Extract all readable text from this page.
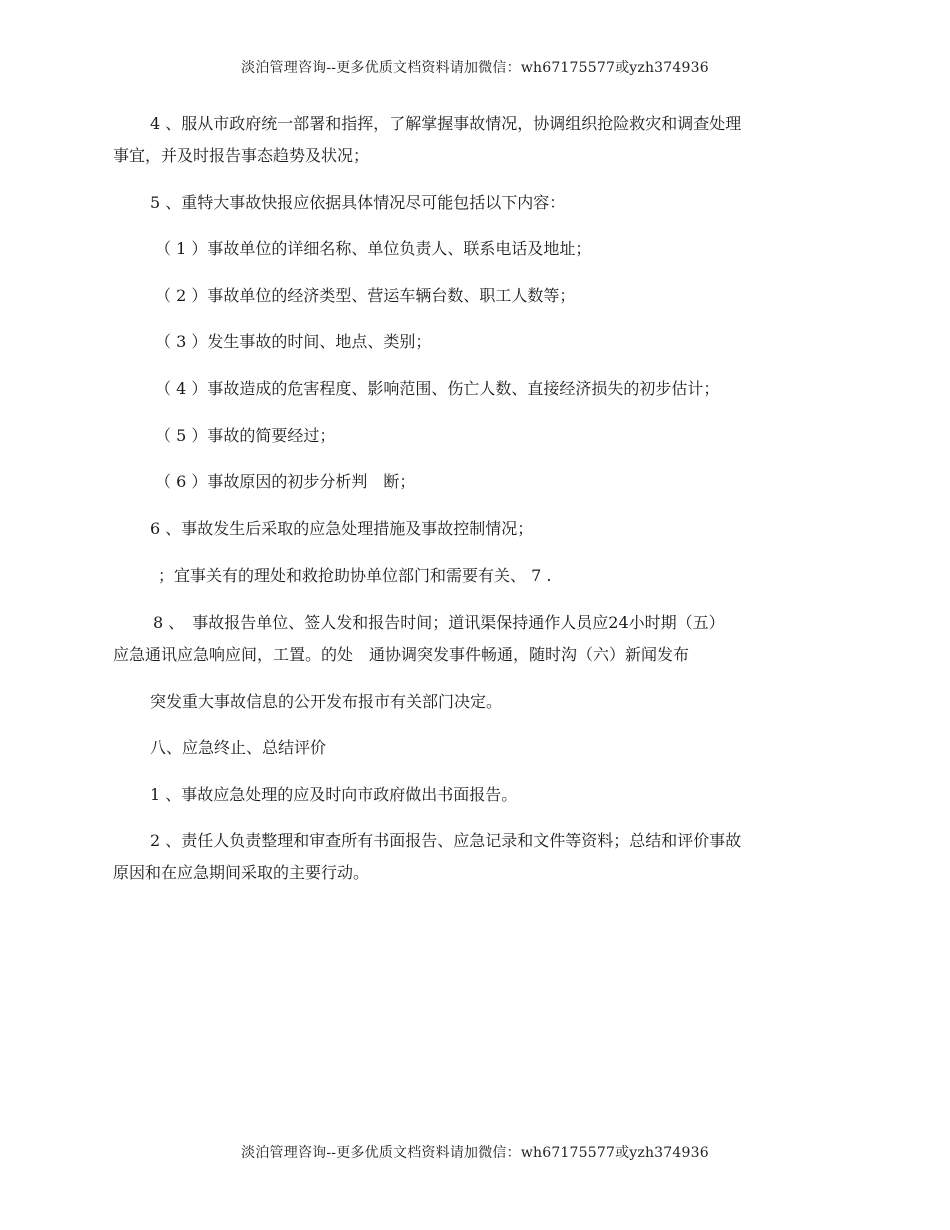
淡泊管理咨询--更多优质文档资料请加微信：wh67175577或yzh374936
4 、服从市政府统一部署和指挥，了解掌握事故情况，协调组织抢险救灾和调查处理
事宜，并及时报告事态趋势及状况；
5 、重特大事故快报应依据具体情况尽可能包括以下内容：
（ 1 ）事故单位的详细名称、单位负责人、联系电话及地址；
（ 2 ）事故单位的经济类型、营运车辆台数、职工人数等；
（ 3 ）发生事故的时间、地点、类别；
（ 4 ）事故造成的危害程度、影响范围、伤亡人数、直接经济损失的初步估计；
（ 5 ）事故的简要经过；
（ 6 ）事故原因的初步分析判　断；
6 、事故发生后采取的应急处理措施及事故控制情况；
；宜事关有的理处和救抢助协单位部门和需要有关、 7 .
8 、　事故报告单位、签人发和报告时间；道讯渠保持通作人员应24小时期（五）
应急通讯应急响应间，工置。的处　通协调突发事件畅通，随时沟（六）新闻发布
突发重大事故信息的公开发布报市有关部门决定。
八、应急终止、总结评价
1 、事故应急处理的应及时向市政府做出书面报告。
2 、责任人负责整理和审查所有书面报告、应急记录和文件等资料；总结和评价事故
原因和在应急期间采取的主要行动。
淡泊管理咨询--更多优质文档资料请加微信：wh67175577或yzh374936
